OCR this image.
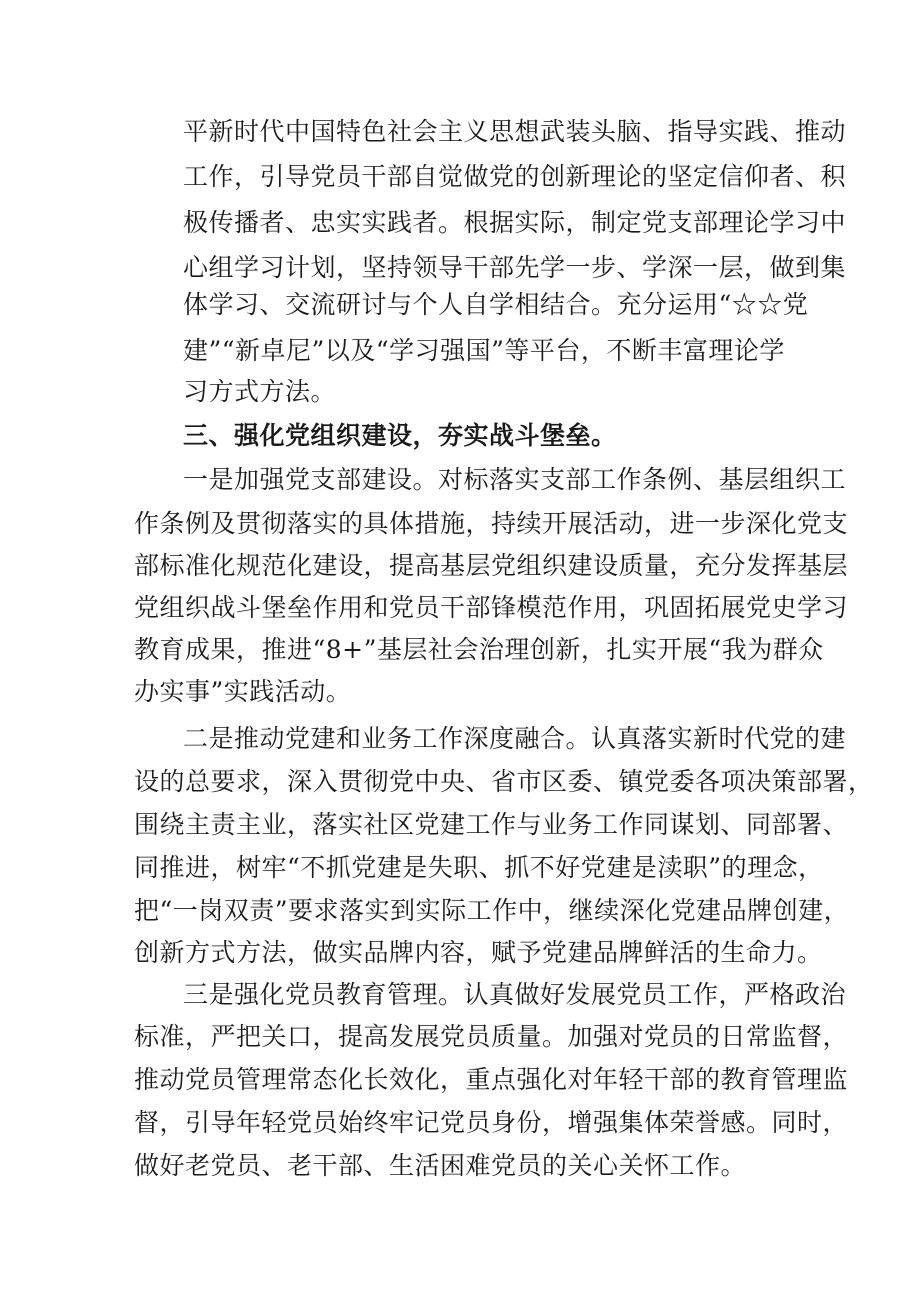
平新时代中国特色社会主义思想武装头脑、指导实践、推动
工作，引导党员干部自觉做党的创新理论的坚定信仰者、积
极传播者、忠实实践者。根据实际，制定党支部理论学习中
心组学习计划，坚持领导干部先学一步、学深一层，做到集
体学习、交流研讨与个人自学相结合。充分运用“☆☆党
建”“新卓尼”以及“学习强国”等平台，不断丰富理论学
习方式方法。
三、强化党组织建设，夯实战斗堡垒。
一是加强党支部建设。对标落实支部工作条例、基层组织工
作条例及贯彻落实的具体措施，持续开展活动，进一步深化党支
部标准化规范化建设，提高基层党组织建设质量，充分发挥基层
党组织战斗堡垒作用和党员干部锋模范作用，巩固拓展党史学习
教育成果，推进“8+”基层社会治理创新，扎实开展“我为群众
办实事”实践活动。
二是推动党建和业务工作深度融合。认真落实新时代党的建
设的总要求，深入贯彻党中央、省市区委、镇党委各项决策部署，
围绕主责主业，落实社区党建工作与业务工作同谋划、同部署、
同推进，树牢“不抓党建是失职、抓不好党建是渎职”的理念，
把“一岗双责”要求落实到实际工作中，继续深化党建品牌创建，
创新方式方法，做实品牌内容，赋予党建品牌鲜活的生命力。
三是强化党员教育管理。认真做好发展党员工作，严格政治
标准，严把关口，提高发展党员质量。加强对党员的日常监督，
推动党员管理常态化长效化，重点强化对年轻干部的教育管理监
督，引导年轻党员始终牢记党员身份，增强集体荣誉感。同时，
做好老党员、老干部、生活困难党员的关心关怀工作。
